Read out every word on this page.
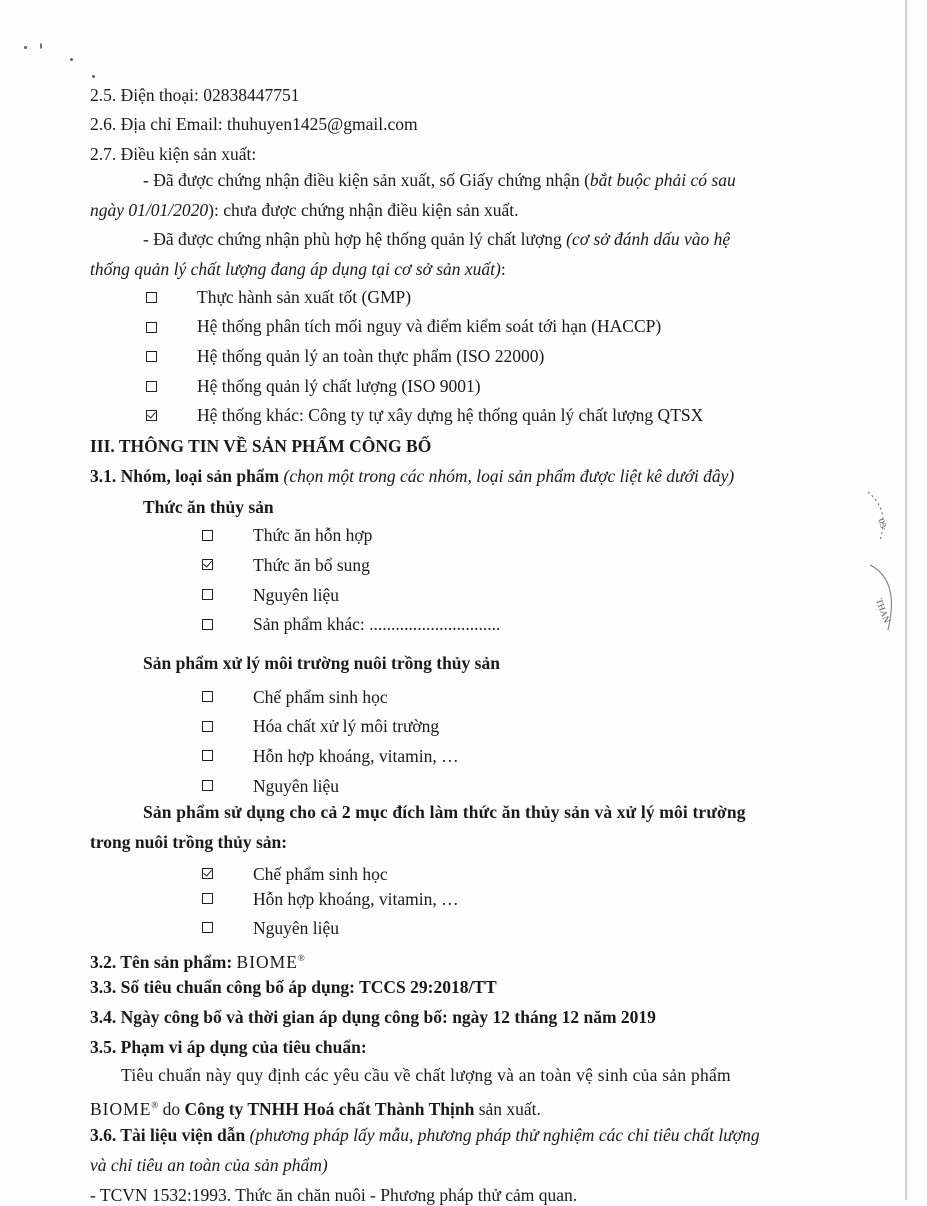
2.5. Điện thoại: 02838447751
2.6. Địa chỉ Email: thuhuyen1425@gmail.com
2.7. Điều kiện sản xuất:
- Đã được chứng nhận điều kiện sản xuất, số Giấy chứng nhận (bắt buộc phải có sau
ngày 01/01/2020): chưa được chứng nhận điều kiện sản xuất.
- Đã được chứng nhận phù hợp hệ thống quản lý chất lượng (cơ sở đánh dấu vào hệ
thống quản lý chất lượng đang áp dụng tại cơ sở sản xuất):
Thực hành sản xuất tốt (GMP)
Hệ thống phân tích mối nguy và điểm kiểm soát tới hạn (HACCP)
Hệ thống quản lý an toàn thực phẩm (ISO 22000)
Hệ thống quản lý chất lượng (ISO 9001)
Hệ thống khác: Công ty tự xây dựng hệ thống quản lý chất lượng QTSX
III. THÔNG TIN VỀ SẢN PHẨM CÔNG BỐ
3.1. Nhóm, loại sản phẩm (chọn một trong các nhóm, loại sản phẩm được liệt kê dưới đây)
Thức ăn thủy sản
Thức ăn hỗn hợp
Thức ăn bổ sung
Nguyên liệu
Sản phẩm khác: ..............................
Sản phẩm xử lý môi trường nuôi trồng thủy sản
Chế phẩm sinh học
Hóa chất xử lý môi trường
Hỗn hợp khoáng, vitamin, …
Nguyên liệu
Sản phẩm sử dụng cho cả 2 mục đích làm thức ăn thủy sản và xử lý môi trường
trong nuôi trồng thủy sản:
Chế phẩm sinh học
Hỗn hợp khoáng, vitamin, …
Nguyên liệu
3.2. Tên sản phẩm: BIOME®
3.3. Số tiêu chuẩn công bố áp dụng: TCCS 29:2018/TT
3.4. Ngày công bố và thời gian áp dụng công bố: ngày 12 tháng 12 năm 2019
3.5. Phạm vi áp dụng của tiêu chuẩn:
Tiêu chuẩn này quy định các yêu cầu về chất lượng và an toàn vệ sinh của sản phẩm
BIOME® do Công ty TNHH Hoá chất Thành Thịnh sản xuất.
3.6. Tài liệu viện dẫn (phương pháp lấy mẫu, phương pháp thử nghiệm các chỉ tiêu chất lượng
và chỉ tiêu an toàn của sản phẩm)
- TCVN 1532:1993. Thức ăn chăn nuôi - Phương pháp thử cảm quan.
03·
THAN
